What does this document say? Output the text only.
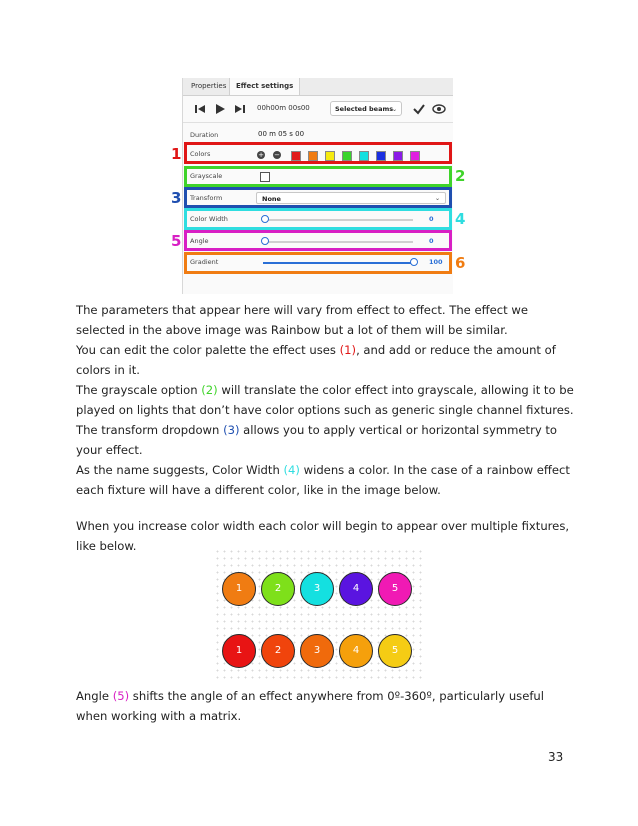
Properties	Effect settings
00h00m 00s00	Selected beams
⌄
Duration	00 m 05 s 00
Colors	+ −
Grayscale
Transform	None	⌄
Color Width	0
Angle	0
Gradient	100
1
2
3
4
5
6
The parameters that appear here will vary from effect to effect. The effect we
selected in the above image was Rainbow but a lot of them will be similar.
You can edit the color palette the effect uses (1), and add or reduce the amount of
colors in it.
The grayscale option (2) will translate the color effect into grayscale, allowing it to be
played on lights that don’t have color options such as generic single channel fixtures.
The transform dropdown (3) allows you to apply vertical or horizontal symmetry to
your effect.
As the name suggests, Color Width (4) widens a color. In the case of a rainbow effect
each fixture will have a different color, like in the image below.
When you increase color width each color will begin to appear over multiple fixtures,
like below.
1	2	3	4	5
1	2	3	4	5
Angle (5) shifts the angle of an effect anywhere from 0º-360º, particularly useful
when working with a matrix.
33
